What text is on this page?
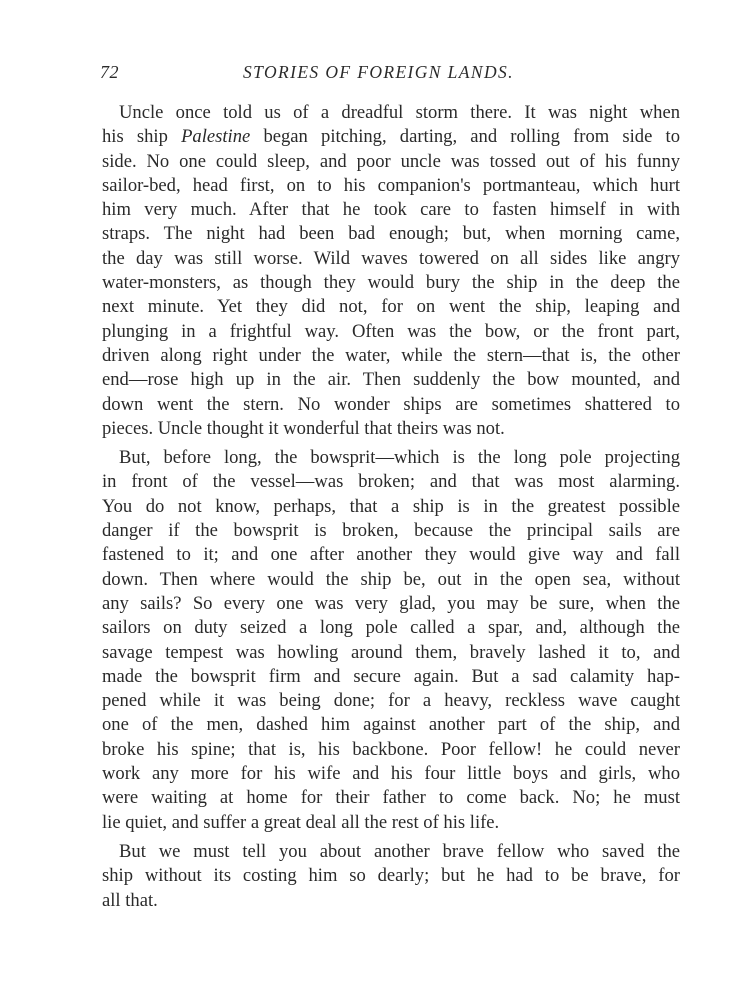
72	STORIES OF FOREIGN LANDS.

Uncle once told us of a dreadful storm there. It was night when
his ship Palestine began pitching, darting, and rolling from side to
side. No one could sleep, and poor uncle was tossed out of his funny
sailor-bed, head first, on to his companion's portmanteau, which hurt
him very much. After that he took care to fasten himself in with
straps. The night had been bad enough; but, when morning came,
the day was still worse. Wild waves towered on all sides like angry
water-monsters, as though they would bury the ship in the deep the
next minute. Yet they did not, for on went the ship, leaping and
plunging in a frightful way. Often was the bow, or the front part,
driven along right under the water, while the stern—that is, the other
end—rose high up in the air. Then suddenly the bow mounted, and
down went the stern. No wonder ships are sometimes shattered to
pieces. Uncle thought it wonderful that theirs was not.

But, before long, the bowsprit—which is the long pole projecting
in front of the vessel—was broken; and that was most alarming.
You do not know, perhaps, that a ship is in the greatest possible
danger if the bowsprit is broken, because the principal sails are
fastened to it; and one after another they would give way and fall
down. Then where would the ship be, out in the open sea, without
any sails? So every one was very glad, you may be sure, when the
sailors on duty seized a long pole called a spar, and, although the
savage tempest was howling around them, bravely lashed it to, and
made the bowsprit firm and secure again. But a sad calamity hap-
pened while it was being done; for a heavy, reckless wave caught
one of the men, dashed him against another part of the ship, and
broke his spine; that is, his backbone. Poor fellow! he could never
work any more for his wife and his four little boys and girls, who
were waiting at home for their father to come back. No; he must
lie quiet, and suffer a great deal all the rest of his life.

But we must tell you about another brave fellow who saved the
ship without its costing him so dearly; but he had to be brave, for
all that.
